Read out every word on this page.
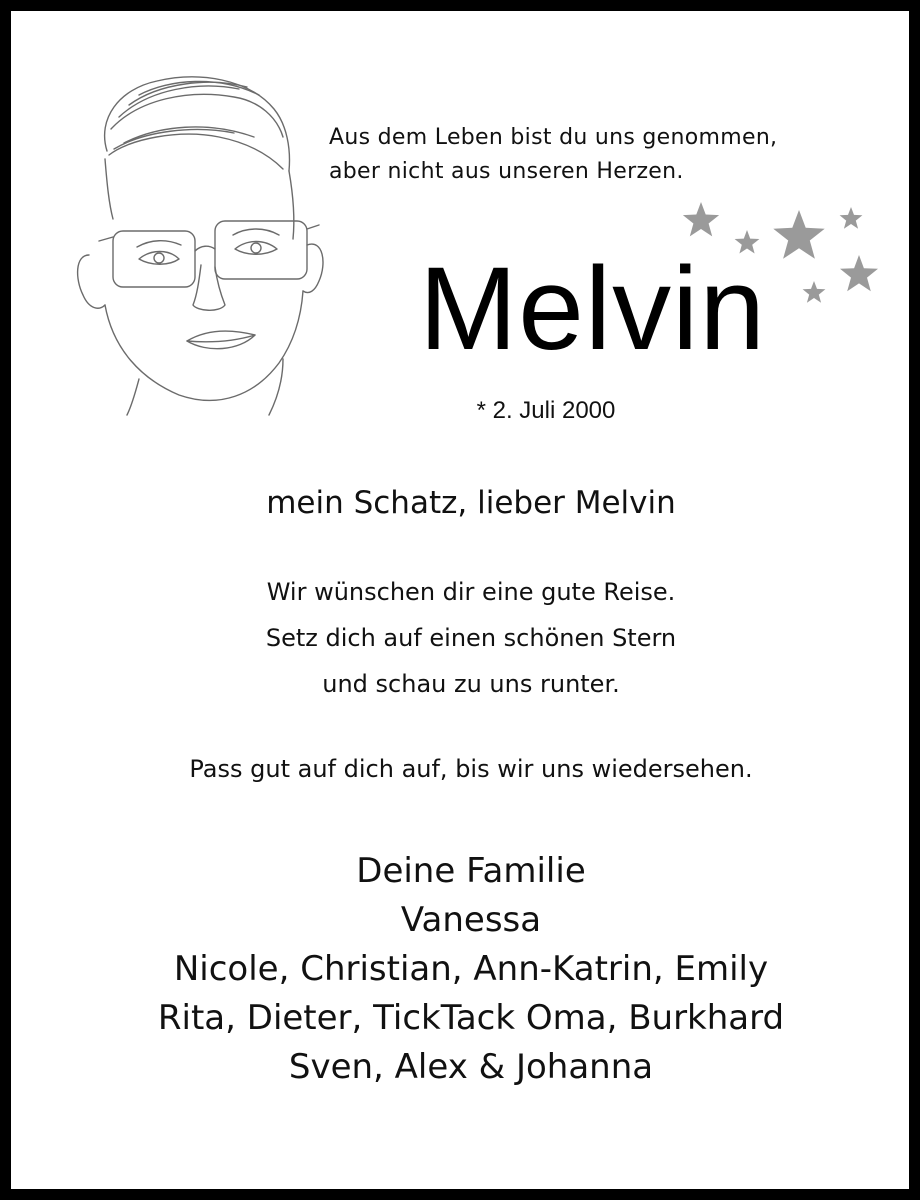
Aus dem Leben bist du uns genommen,
aber nicht aus unseren Herzen.
Melvin
* 2. Juli 2000
mein Schatz, lieber Melvin
Wir wünschen dir eine gute Reise.
Setz dich auf einen schönen Stern
und schau zu uns runter.
Pass gut auf dich auf, bis wir uns wiedersehen.
Deine Familie
Vanessa
Nicole, Christian, Ann-Katrin, Emily
Rita, Dieter, TickTack Oma, Burkhard
Sven, Alex & Johanna
